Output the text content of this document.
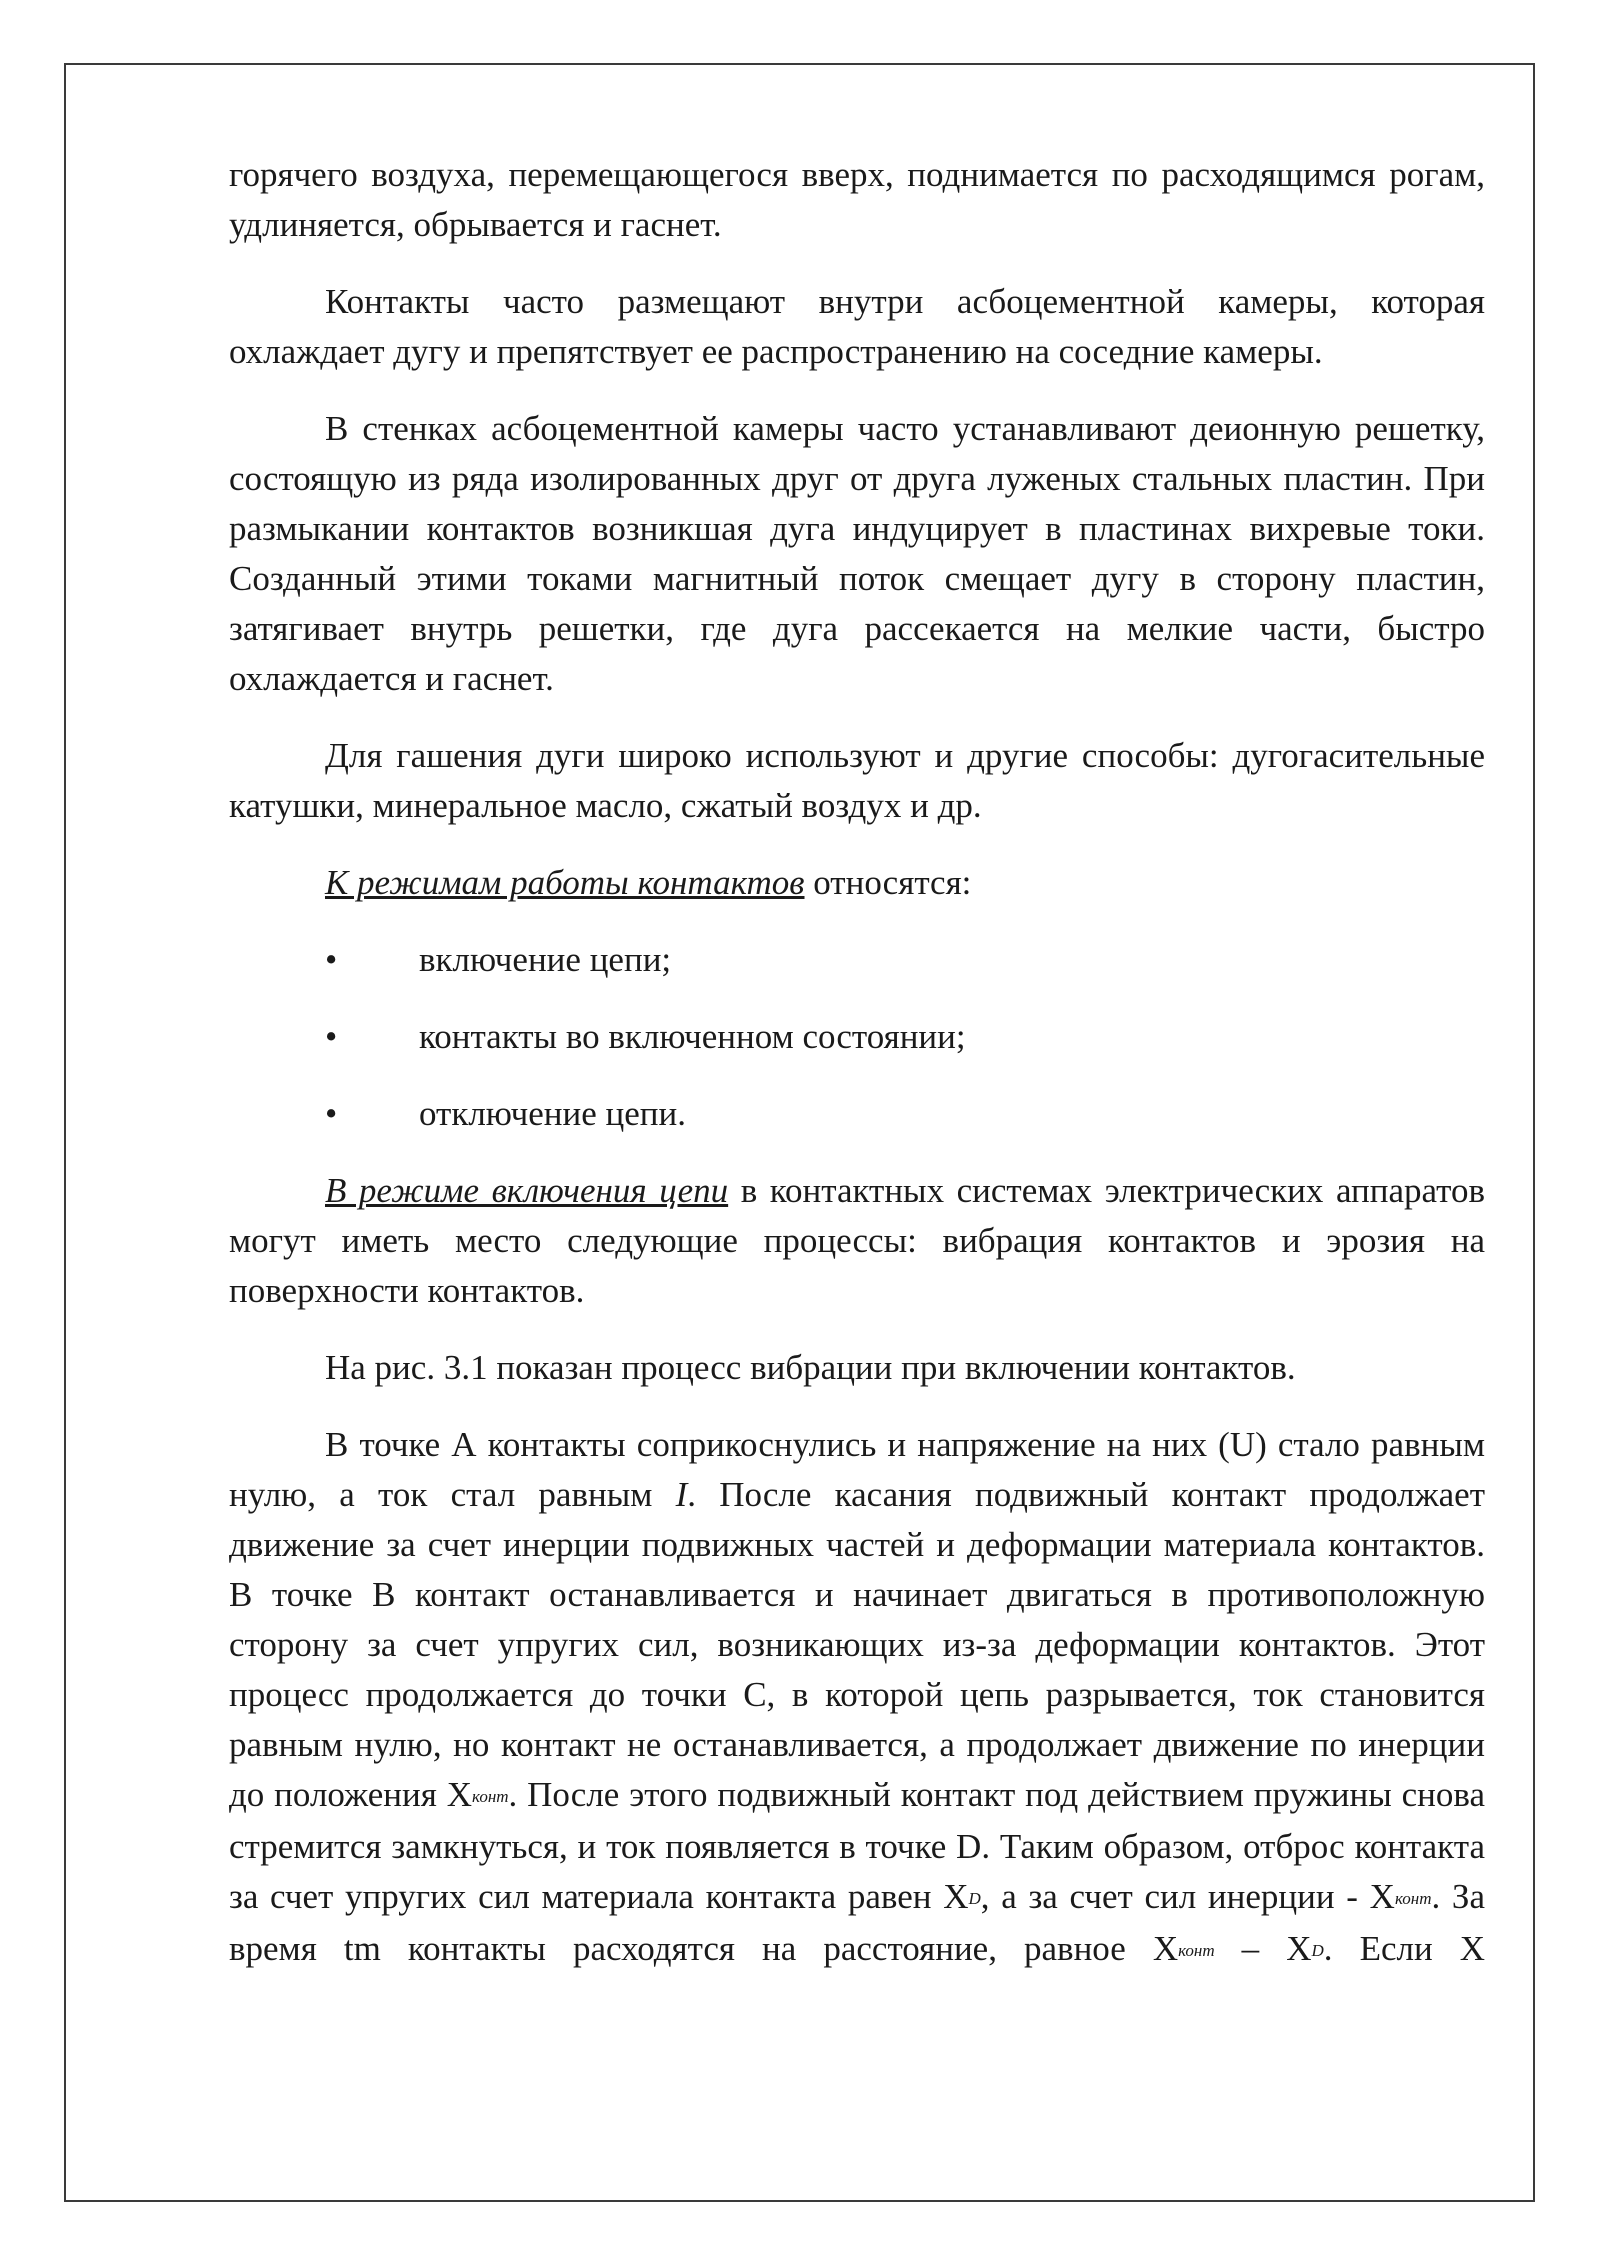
горячего воздуха, перемещающегося вверх, поднимается по расходящимся рогам, удлиняется, обрывается и гаснет.

Контакты часто размещают внутри асбоцементной камеры, которая охлаждает дугу и препятствует ее распространению на соседние камеры.

В стенках асбоцементной камеры часто устанавливают деионную решетку, состоящую из ряда изолированных друг от друга луженых стальных пластин. При размыкании контактов возникшая дуга индуцирует в пластинах вихревые токи. Созданный этими токами магнитный поток смещает дугу в сторону пластин, затягивает внутрь решетки, где дуга рассекается на мелкие части, быстро охлаждается и гаснет.

Для гашения дуги широко используют и другие способы: дугогасительные катушки, минеральное масло, сжатый воздух и др.

К режимам работы контактов относятся:

• включение цепи;
• контакты во включенном состоянии;
• отключение цепи.

В режиме включения цепи в контактных системах электрических аппаратов могут иметь место следующие процессы: вибрация контактов и эрозия на поверхности контактов.

На рис. 3.1 показан процесс вибрации при включении контактов.

В точке А контакты соприкоснулись и напряжение на них (U) стало равным нулю, а ток стал равным I. После касания подвижный контакт продолжает движение за счет инерции подвижных частей и деформации материала контактов. В точке В контакт останавливается и начинает двигаться в противоположную сторону за счет упругих сил, возникающих из-за деформации контактов. Этот процесс продолжается до точки С, в которой цепь разрывается, ток становится равным нулю, но контакт не останавливается, а продолжает движение по инерции до положения $Х^{конт}$. После этого подвижный контакт под действием пружины снова стремится замкнуться, и ток появляется в точке D. Таким образом, отброс контакта за счет упругих сил материала контакта равен $Х^D$, а за счет сил инерции - $Х^{конт}$. За время tm контакты расходятся на расстояние, равное $Х^{конт} - Х^D$. Если Х
